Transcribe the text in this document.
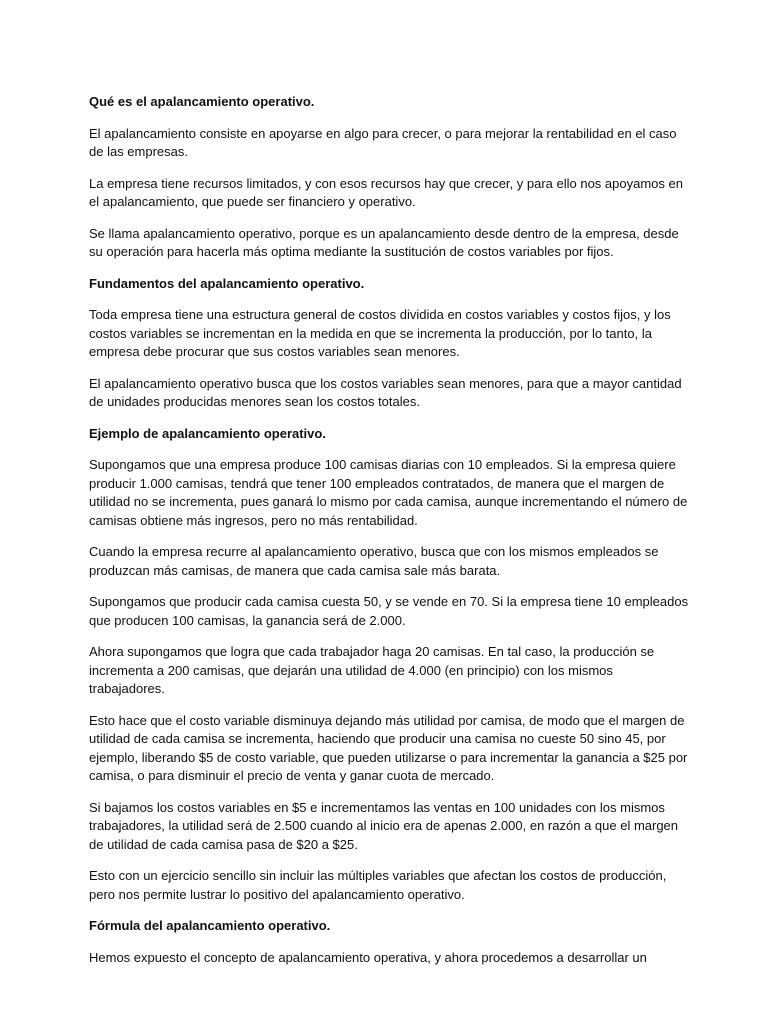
Qué es el apalancamiento operativo.

El apalancamiento consiste en apoyarse en algo para crecer, o para mejorar la rentabilidad en el caso de las empresas.

La empresa tiene recursos limitados, y con esos recursos hay que crecer, y para ello nos apoyamos en el apalancamiento, que puede ser financiero y operativo.

Se llama apalancamiento operativo, porque es un apalancamiento desde dentro de la empresa, desde su operación para hacerla más optima mediante la sustitución de costos variables por fijos.

Fundamentos del apalancamiento operativo.

Toda empresa tiene una estructura general de costos dividida en costos variables y costos fijos, y los costos variables se incrementan en la medida en que se incrementa la producción, por lo tanto, la empresa debe procurar que sus costos variables sean menores.

El apalancamiento operativo busca que los costos variables sean menores, para que a mayor cantidad de unidades producidas menores sean los costos totales.

Ejemplo de apalancamiento operativo.

Supongamos que una empresa produce 100 camisas diarias con 10 empleados. Si la empresa quiere producir 1.000 camisas, tendrá que tener 100 empleados contratados, de manera que el margen de utilidad no se incrementa, pues ganará lo mismo por cada camisa, aunque incrementando el número de camisas obtiene más ingresos, pero no más rentabilidad.

Cuando la empresa recurre al apalancamiento operativo, busca que con los mismos empleados se produzcan más camisas, de manera que cada camisa sale más barata.

Supongamos que producir cada camisa cuesta 50, y se vende en 70. Si la empresa tiene 10 empleados que producen 100 camisas, la ganancia será de 2.000.

Ahora supongamos que logra que cada trabajador haga 20 camisas. En tal caso, la producción se incrementa a 200 camisas, que dejarán una utilidad de 4.000 (en principio) con los mismos trabajadores.

Esto hace que el costo variable disminuya dejando más utilidad por camisa, de modo que el margen de utilidad de cada camisa se incrementa, haciendo que producir una camisa no cueste 50 sino 45, por ejemplo, liberando $5 de costo variable, que pueden utilizarse o para incrementar la ganancia a $25 por camisa, o para disminuir el precio de venta y ganar cuota de mercado.

Si bajamos los costos variables en $5 e incrementamos las ventas en 100 unidades con los mismos trabajadores, la utilidad será de 2.500 cuando al inicio era de apenas 2.000, en razón a que el margen de utilidad de cada camisa pasa de $20 a $25.

Esto con un ejercicio sencillo sin incluir las múltiples variables que afectan los costos de producción, pero nos permite lustrar lo positivo del apalancamiento operativo.

Fórmula del apalancamiento operativo.

Hemos expuesto el concepto de apalancamiento operativa, y ahora procedemos a desarrollar un
